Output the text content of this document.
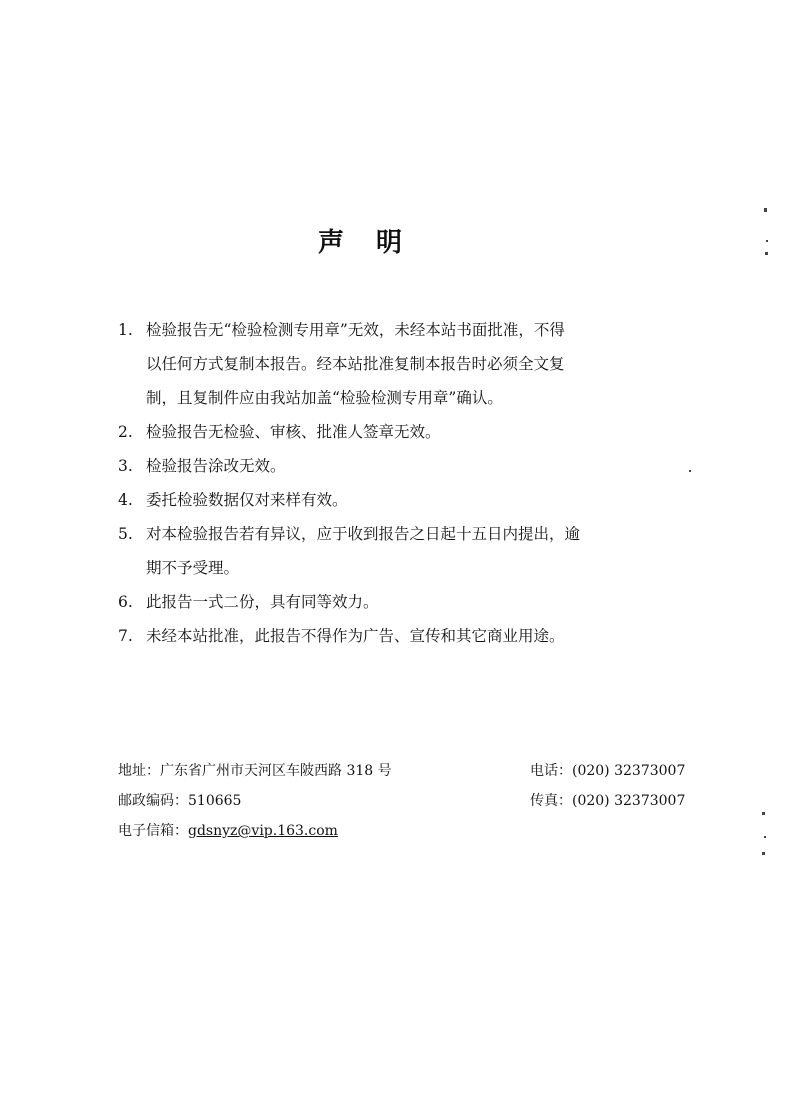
声明
1. 检验报告无“检验检测专用章”无效，未经本站书面批准，不得
以任何方式复制本报告。经本站批准复制本报告时必须全文复
制，且复制件应由我站加盖“检验检测专用章”确认。
2. 检验报告无检验、审核、批准人签章无效。
3. 检验报告涂改无效。
4. 委托检验数据仅对来样有效。
5. 对本检验报告若有异议，应于收到报告之日起十五日内提出，逾
期不予受理。
6. 此报告一式二份，具有同等效力。
7. 未经本站批准，此报告不得作为广告、宣传和其它商业用途。
地址：广东省广州市天河区车陂西路 318 号	电话：(020) 32373007
邮政编码：510665	传真：(020) 32373007
电子信箱：gdsnyz@vip.163.com
